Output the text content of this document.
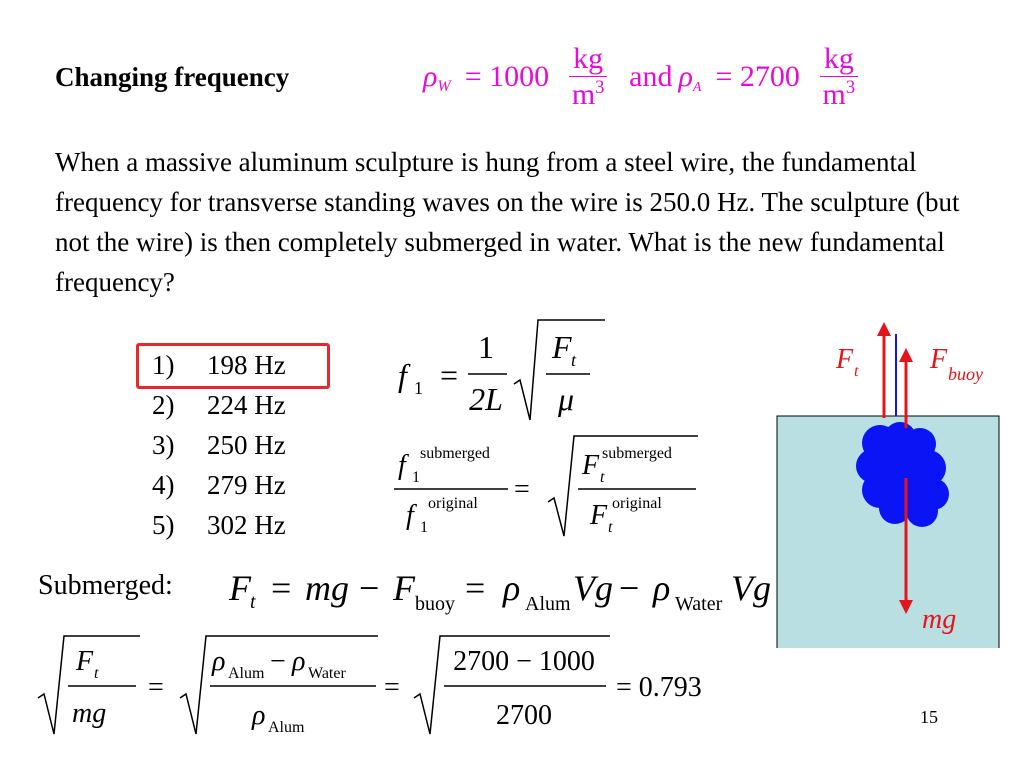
Changing frequency	$\rho_W = 1000 \frac{kg}{m^3}$ and $\rho_A = 2700 \frac{kg}{m^3}$
When a massive aluminum sculpture is hung from a steel wire, the fundamental frequency for transverse standing waves on the wire is 250.0 Hz. The sculpture (but not the wire) is then completely submerged in water. What is the new fundamental frequency?
1)	198 Hz
2)	224 Hz
3)	250 Hz
4)	279 Hz
5)	302 Hz
f 1 =
1
2L
F t
μ
f 1
submerged
f 1
original =
F t
submerged
F t
original
Submerged: F t = mg − F buoy = ρ Alum Vg − ρ Water Vg
F t
mg
=
ρ Alum − ρ Water
ρ Alum
=
2700 − 1000
2700
= 0.793
F t	F buoy
mg
15
